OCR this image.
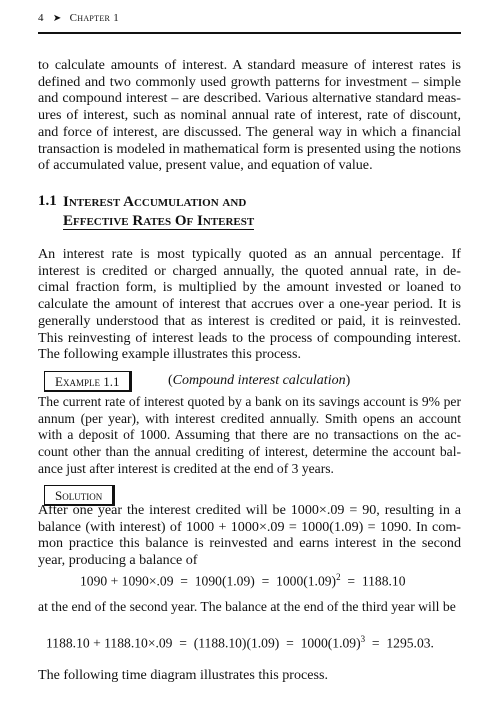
4 ➤ Chapter 1
to calculate amounts of interest. A standard measure of interest rates is
defined and two commonly used growth patterns for investment – simple
and compound interest – are described. Various alternative standard meas-
ures of interest, such as nominal annual rate of interest, rate of discount,
and force of interest, are discussed. The general way in which a financial
transaction is modeled in mathematical form is presented using the notions
of accumulated value, present value, and equation of value.
1.1 Interest Accumulation and
Effective Rates Of Interest
An interest rate is most typically quoted as an annual percentage. If
interest is credited or charged annually, the quoted annual rate, in de-
cimal fraction form, is multiplied by the amount invested or loaned to
calculate the amount of interest that accrues over a one-year period. It is
generally understood that as interest is credited or paid, it is reinvested.
This reinvesting of interest leads to the process of compounding interest.
The following example illustrates this process.
Example 1.1	(Compound interest calculation)
The current rate of interest quoted by a bank on its savings account is 9% per
annum (per year), with interest credited annually. Smith opens an account
with a deposit of 1000. Assuming that there are no transactions on the ac-
count other than the annual crediting of interest, determine the account bal-
ance just after interest is credited at the end of 3 years.
Solution
After one year the interest credited will be 1000×.09 = 90, resulting in a
balance (with interest) of 1000 + 1000×.09 = 1000(1.09) = 1090. In com-
mon practice this balance is reinvested and earns interest in the second
year, producing a balance of
$1090 + 1090\times.09 = 1090(1.09) = 1000(1.09)^2 = 1188.10$
at the end of the second year. The balance at the end of the third year will be
$1188.10 + 1188.10\times.09 = (1188.10)(1.09) = 1000(1.09)^3 = 1295.03$.
The following time diagram illustrates this process.
